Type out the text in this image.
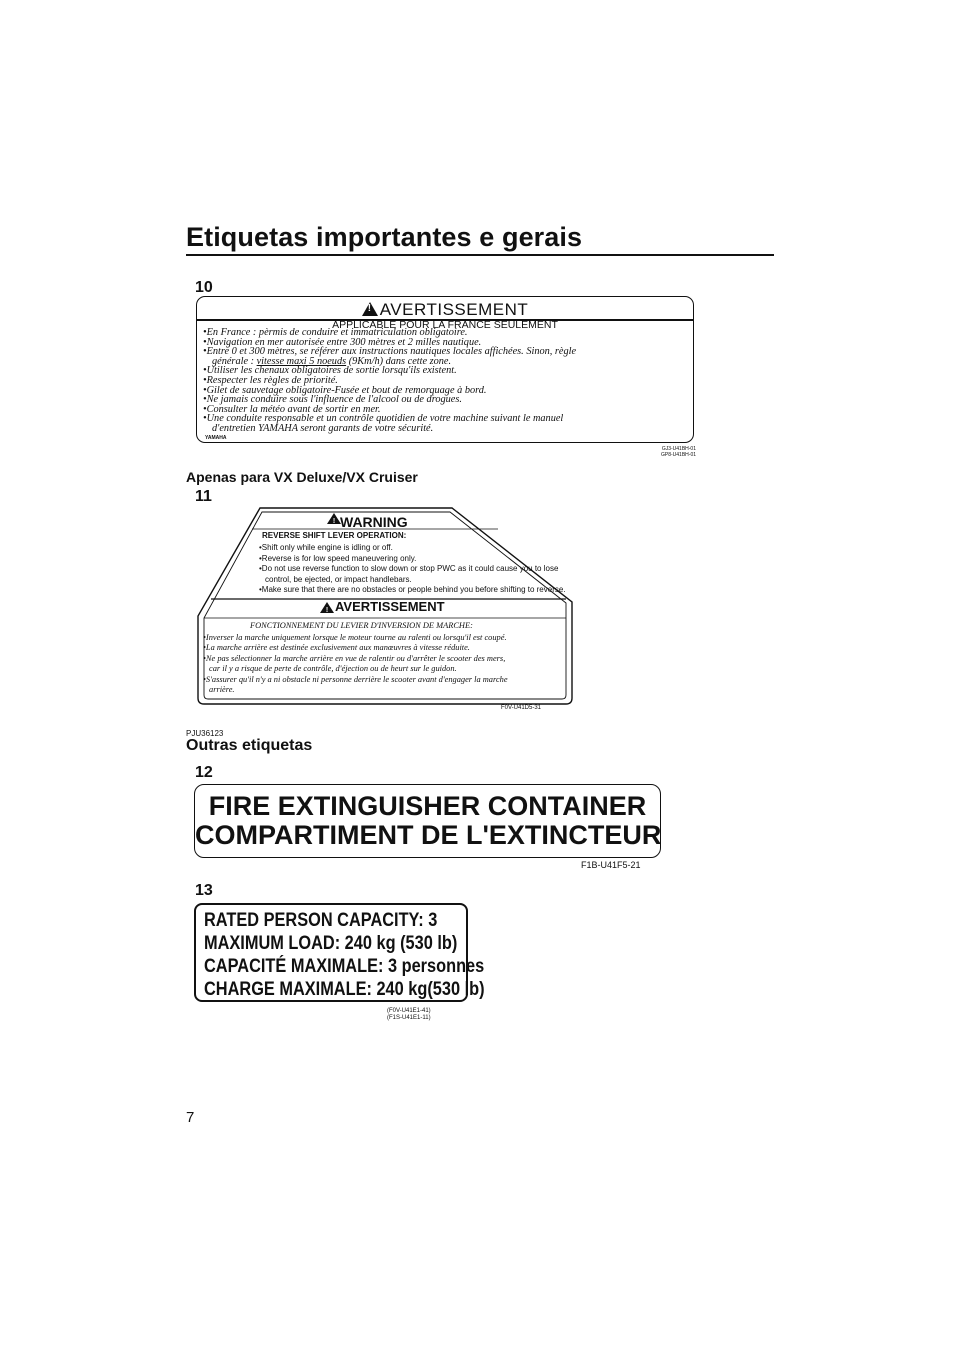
Etiquetas importantes e gerais
10
!AVERTISSEMENT
APPLICABLE POUR LA FRANCE SEULEMENT
•En France : pèrmis de conduire et immatriculation obligatoire.
•Navigation en mer autorisée entre 300 mètres et 2 milles nautique.
•Entre 0 et 300 mètres, se référer aux instructions nautiques locales affichées. Sinon, règle
générale : vitesse maxi 5 noeuds (9Km/h) dans cette zone.
•Utiliser les chenaux obligatoires de sortie lorsqu'ils existent.
•Respecter les règles de priorité.
•Gilet de sauvetage obligatoire-Fusée et bout de remorquage à bord.
•Ne jamais conduire sous l'influence de l'alcool ou de drogues.
•Consulter la météo avant de sortir en mer.
•Une conduite responsable et un contrôle quotidien de votre machine suivant le manuel
d'entretien YAMAHA seront garants de votre sécurité.
YAMAHA
GJ3-U41BH-01
GP8-U41BH-01
Apenas para VX Deluxe/VX Cruiser
11
!
!
WARNING
REVERSE SHIFT LEVER OPERATION:
•Shift only while engine is idling or off.
•Reverse is for low speed maneuvering only.
•Do not use reverse function to slow down or stop PWC as it could cause you to lose
control, be ejected, or impact handlebars.
•Make sure that there are no obstacles or people behind you before shifting to reverse.
AVERTISSEMENT
FONCTIONNEMENT DU LEVIER D'INVERSION DE MARCHE:
•Inverser la marche uniquement lorsque le moteur tourne au ralenti ou lorsqu'il est coupé.
•La marche arrière est destinée exclusivement aux manœuvres à vitesse réduite.
•Ne pas sélectionner la marche arrière en vue de ralentir ou d'arrêter le scooter des mers,
car il y a risque de perte de contrôle, d'éjection ou de heurt sur le guidon.
•S'assurer qu'il n'y a ni obstacle ni personne derrière le scooter avant d'engager la marche
arrière.
F0V-U41D5-31
PJU36123
Outras etiquetas
12
FIRE EXTINGUISHER CONTAINER
COMPARTIMENT DE L'EXTINCTEUR
F1B-U41F5-21
13
RATED PERSON CAPACITY: 3
MAXIMUM LOAD: 240 kg (530 lb)
CAPACITÉ MAXIMALE: 3 personnes
CHARGE MAXIMALE: 240 kg(530 lb)
(F0V-U41E1-41)
(F1S-U41E1-11)
7
